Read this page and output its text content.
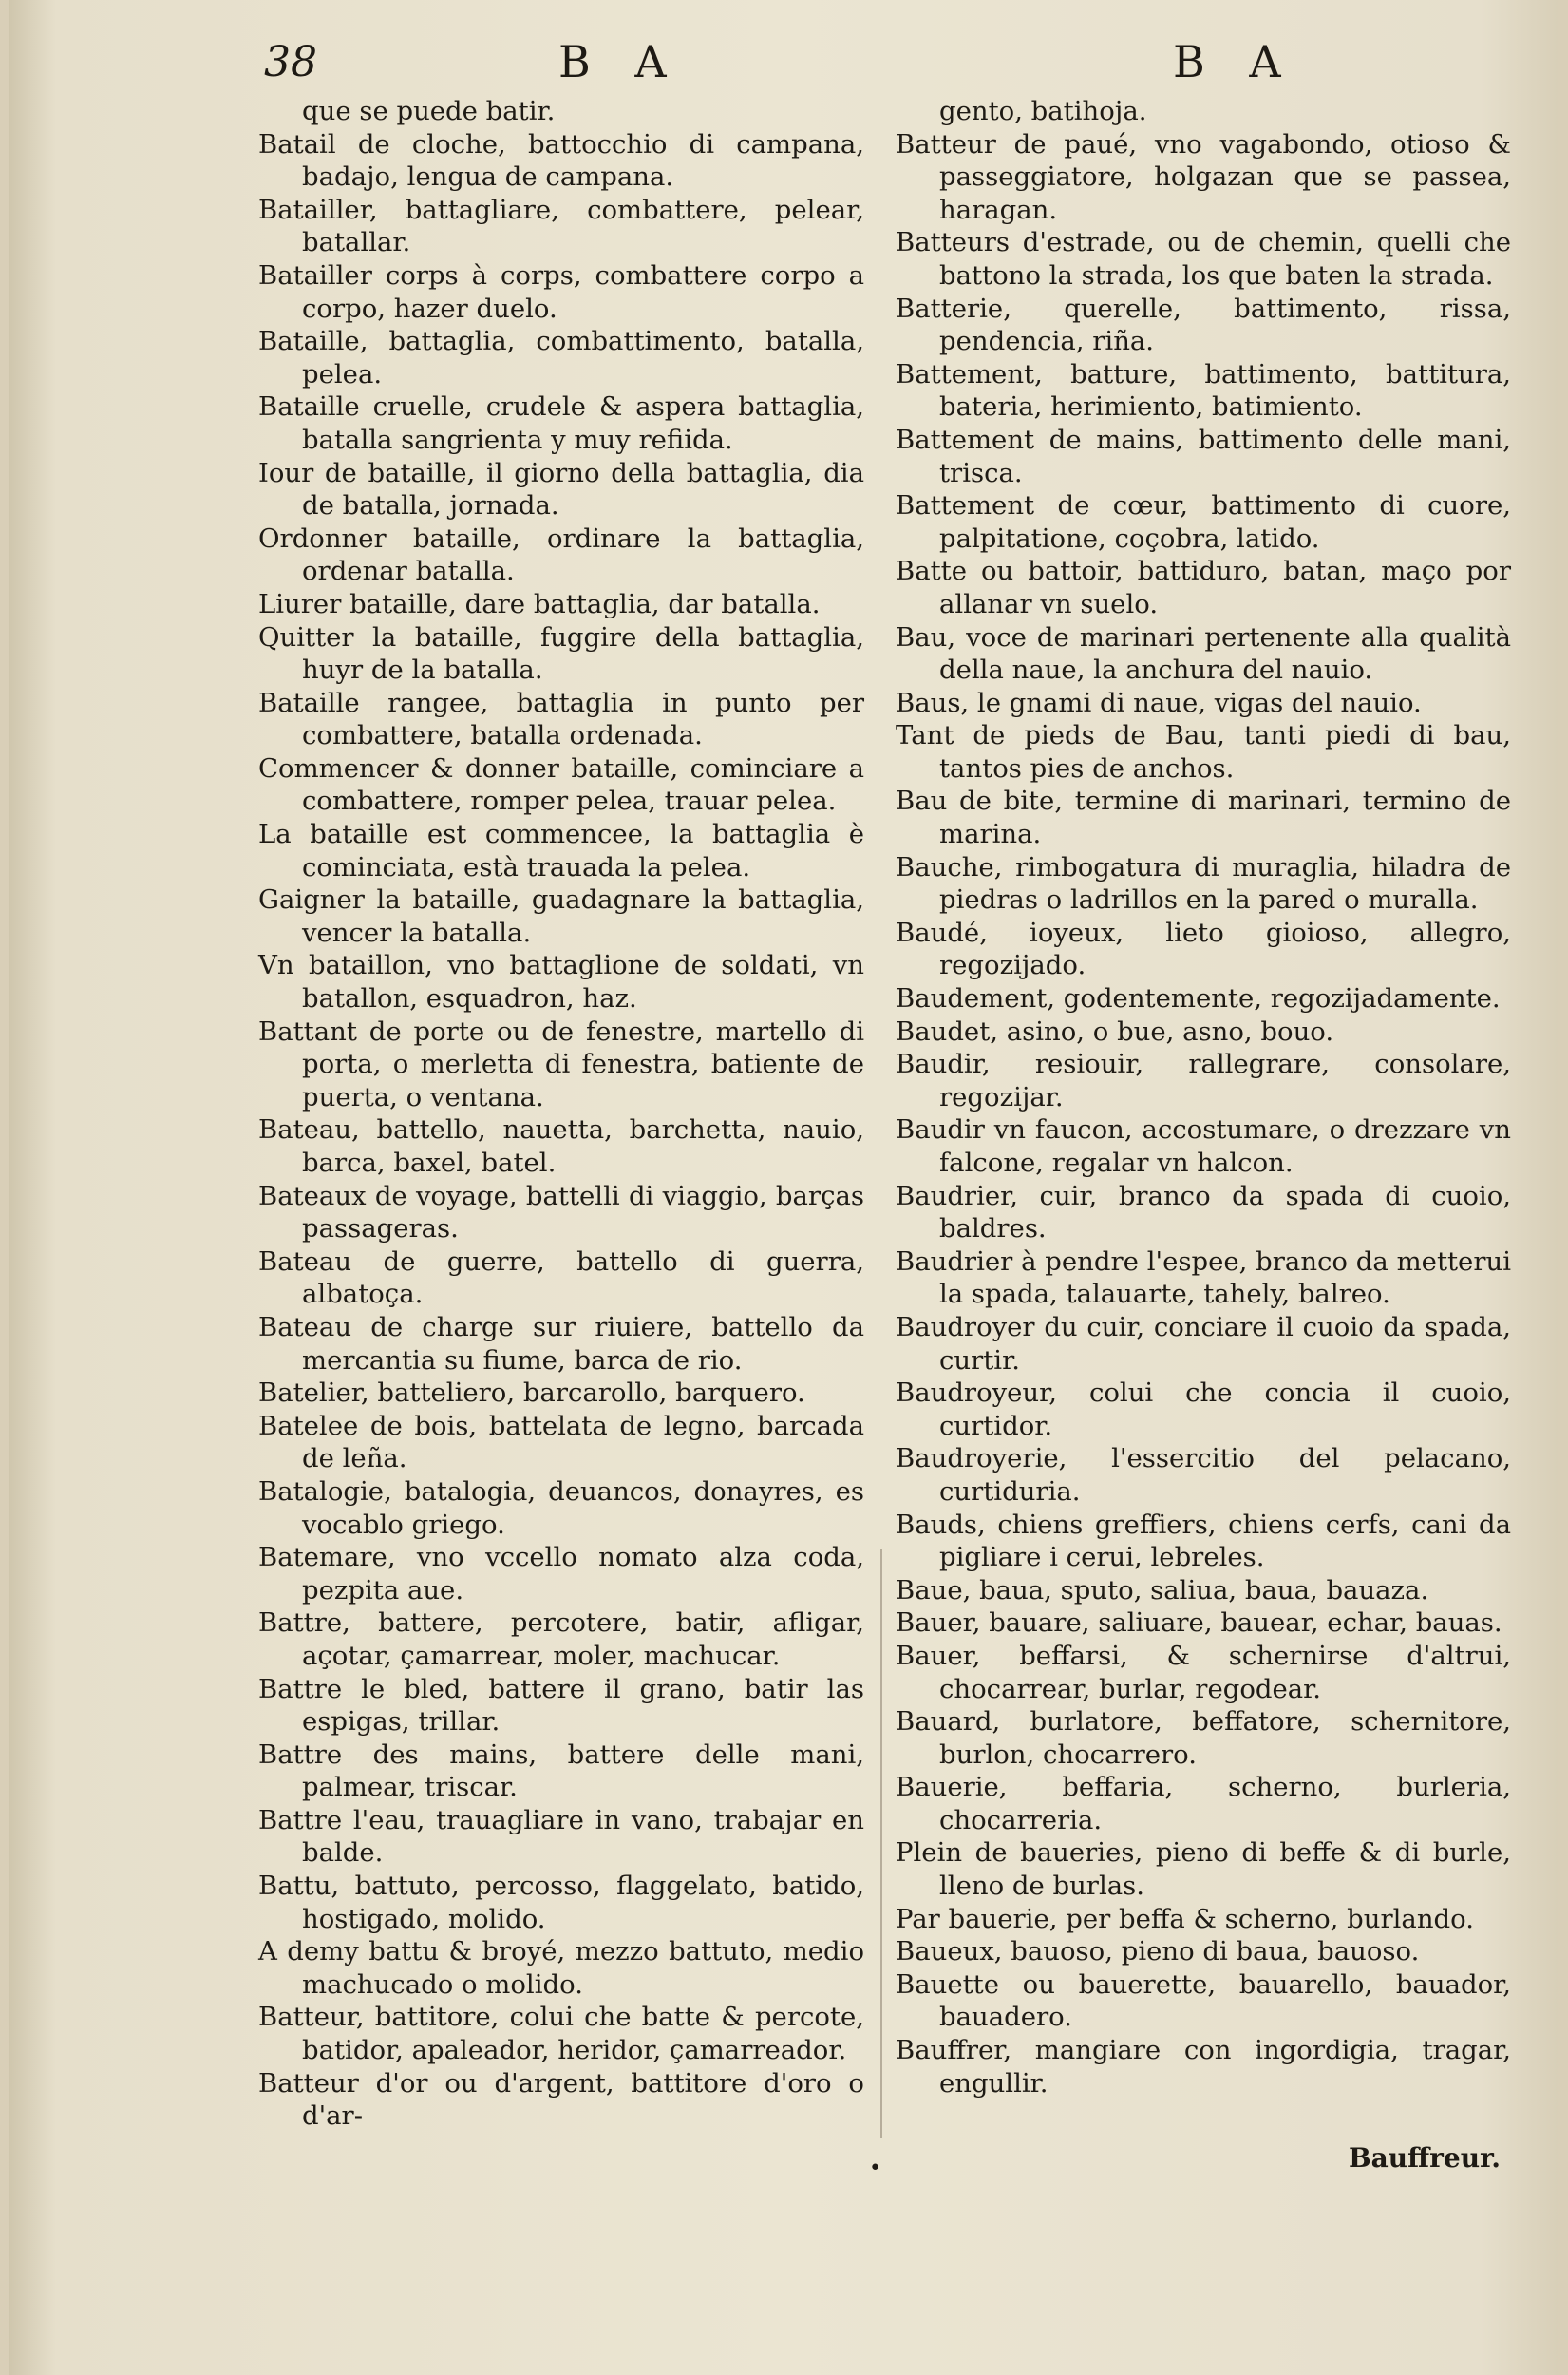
38	B A	B A
que se puede batir.
Batail de cloche, battocchio di campana, badajo, lengua de campana.
Batailler, battagliare, combattere, pelear, batallar.
Batailler corps à corps, combattere corpo a corpo, hazer duelo.
Bataille, battaglia, combattimento, batalla, pelea.
Bataille cruelle, crudele & aspera battaglia, batalla sangrienta y muy refiida.
Iour de bataille, il giorno della battaglia, dia de batalla, jornada.
Ordonner bataille, ordinare la battaglia, ordenar batalla.
Liurer bataille, dare battaglia, dar batalla.
Quitter la bataille, fuggire della battaglia, huyr de la batalla.
Bataille rangee, battaglia in punto per combattere, batalla ordenada.
Commencer & donner bataille, cominciare a combattere, romper pelea, trauar pelea.
La bataille est commencee, la battaglia è cominciata, està trauada la pelea.
Gaigner la bataille, guadagnare la battaglia, vencer la batalla.
Vn bataillon, vno battaglione de soldati, vn batallon, esquadron, haz.
Battant de porte ou de fenestre, martello di porta, o merletta di fenestra, batiente de puerta, o ventana.
Bateau, battello, nauetta, barchetta, nauio, barca, baxel, batel.
Bateaux de voyage, battelli di viaggio, barças passageras.
Bateau de guerre, battello di guerra, albatoça.
Bateau de charge sur riuiere, battello da mercantia su fiume, barca de rio.
Batelier, batteliero, barcarollo, barquero.
Batelee de bois, battelata de legno, barcada de leña.
Batalogie, batalogia, deuancos, donayres, es vocablo griego.
Batemare, vno vccello nomato alza coda, pezpita aue.
Battre, battere, percotere, batir, afligar, açotar, çamarrear, moler, machucar.
Battre le bled, battere il grano, batir las espigas, trillar.
Battre des mains, battere delle mani, palmear, triscar.
Battre l'eau, trauagliare in vano, trabajar en balde.
Battu, battuto, percosso, flaggelato, batido, hostigado, molido.
A demy battu & broyé, mezzo battuto, medio machucado o molido.
Batteur, battitore, colui che batte & percote, batidor, apaleador, heridor, çamarreador.
Batteur d'or ou d'argent, battitore d'oro o d'ar-
gento, batihoja.
Batteur de paué, vno vagabondo, otioso & passeggiatore, holgazan que se passea, haragan.
Batteurs d'estrade, ou de chemin, quelli che battono la strada, los que baten la strada.
Batterie, querelle, battimento, rissa, pendencia, riña.
Battement, batture, battimento, battitura, bateria, herimiento, batimiento.
Battement de mains, battimento delle mani, trisca.
Battement de cœur, battimento di cuore, palpitatione, coçobra, latido.
Batte ou battoir, battiduro, batan, maço por allanar vn suelo.
Bau, voce de marinari pertenente alla qualità della naue, la anchura del nauio.
Baus, le gnami di naue, vigas del nauio.
Tant de pieds de Bau, tanti piedi di bau, tantos pies de anchos.
Bau de bite, termine di marinari, termino de marina.
Bauche, rimbogatura di muraglia, hiladra de piedras o ladrillos en la pared o muralla.
Baudé, ioyeux, lieto gioioso, allegro, regozijado.
Baudement, godentemente, regozijadamente.
Baudet, asino, o bue, asno, bouo.
Baudir, resiouir, rallegrare, consolare, regozijar.
Baudir vn faucon, accostumare, o drezzare vn falcone, regalar vn halcon.
Baudrier, cuir, branco da spada di cuoio, baldres.
Baudrier à pendre l'espee, branco da metterui la spada, talauarte, tahely, balreo.
Baudroyer du cuir, conciare il cuoio da spada, curtir.
Baudroyeur, colui che concia il cuoio, curtidor.
Baudroyerie, l'essercitio del pelacano, curtiduria.
Bauds, chiens greffiers, chiens cerfs, cani da pigliare i cerui, lebreles.
Baue, baua, sputo, saliua, baua, bauaza.
Bauer, bauare, saliuare, bauear, echar, bauas.
Bauer, beffarsi, & schernirse d'altrui, chocarrear, burlar, regodear.
Bauard, burlatore, beffatore, schernitore, burlon, chocarrero.
Bauerie, beffaria, scherno, burleria, chocarreria.
Plein de baueries, pieno di beffe & di burle, lleno de burlas.
Par bauerie, per beffa & scherno, burlando.
Baueux, bauoso, pieno di baua, bauoso.
Bauette ou bauerette, bauarello, bauador, bauadero.
Bauffrer, mangiare con ingordigia, tragar, engullir.
•	Bauffreur.
